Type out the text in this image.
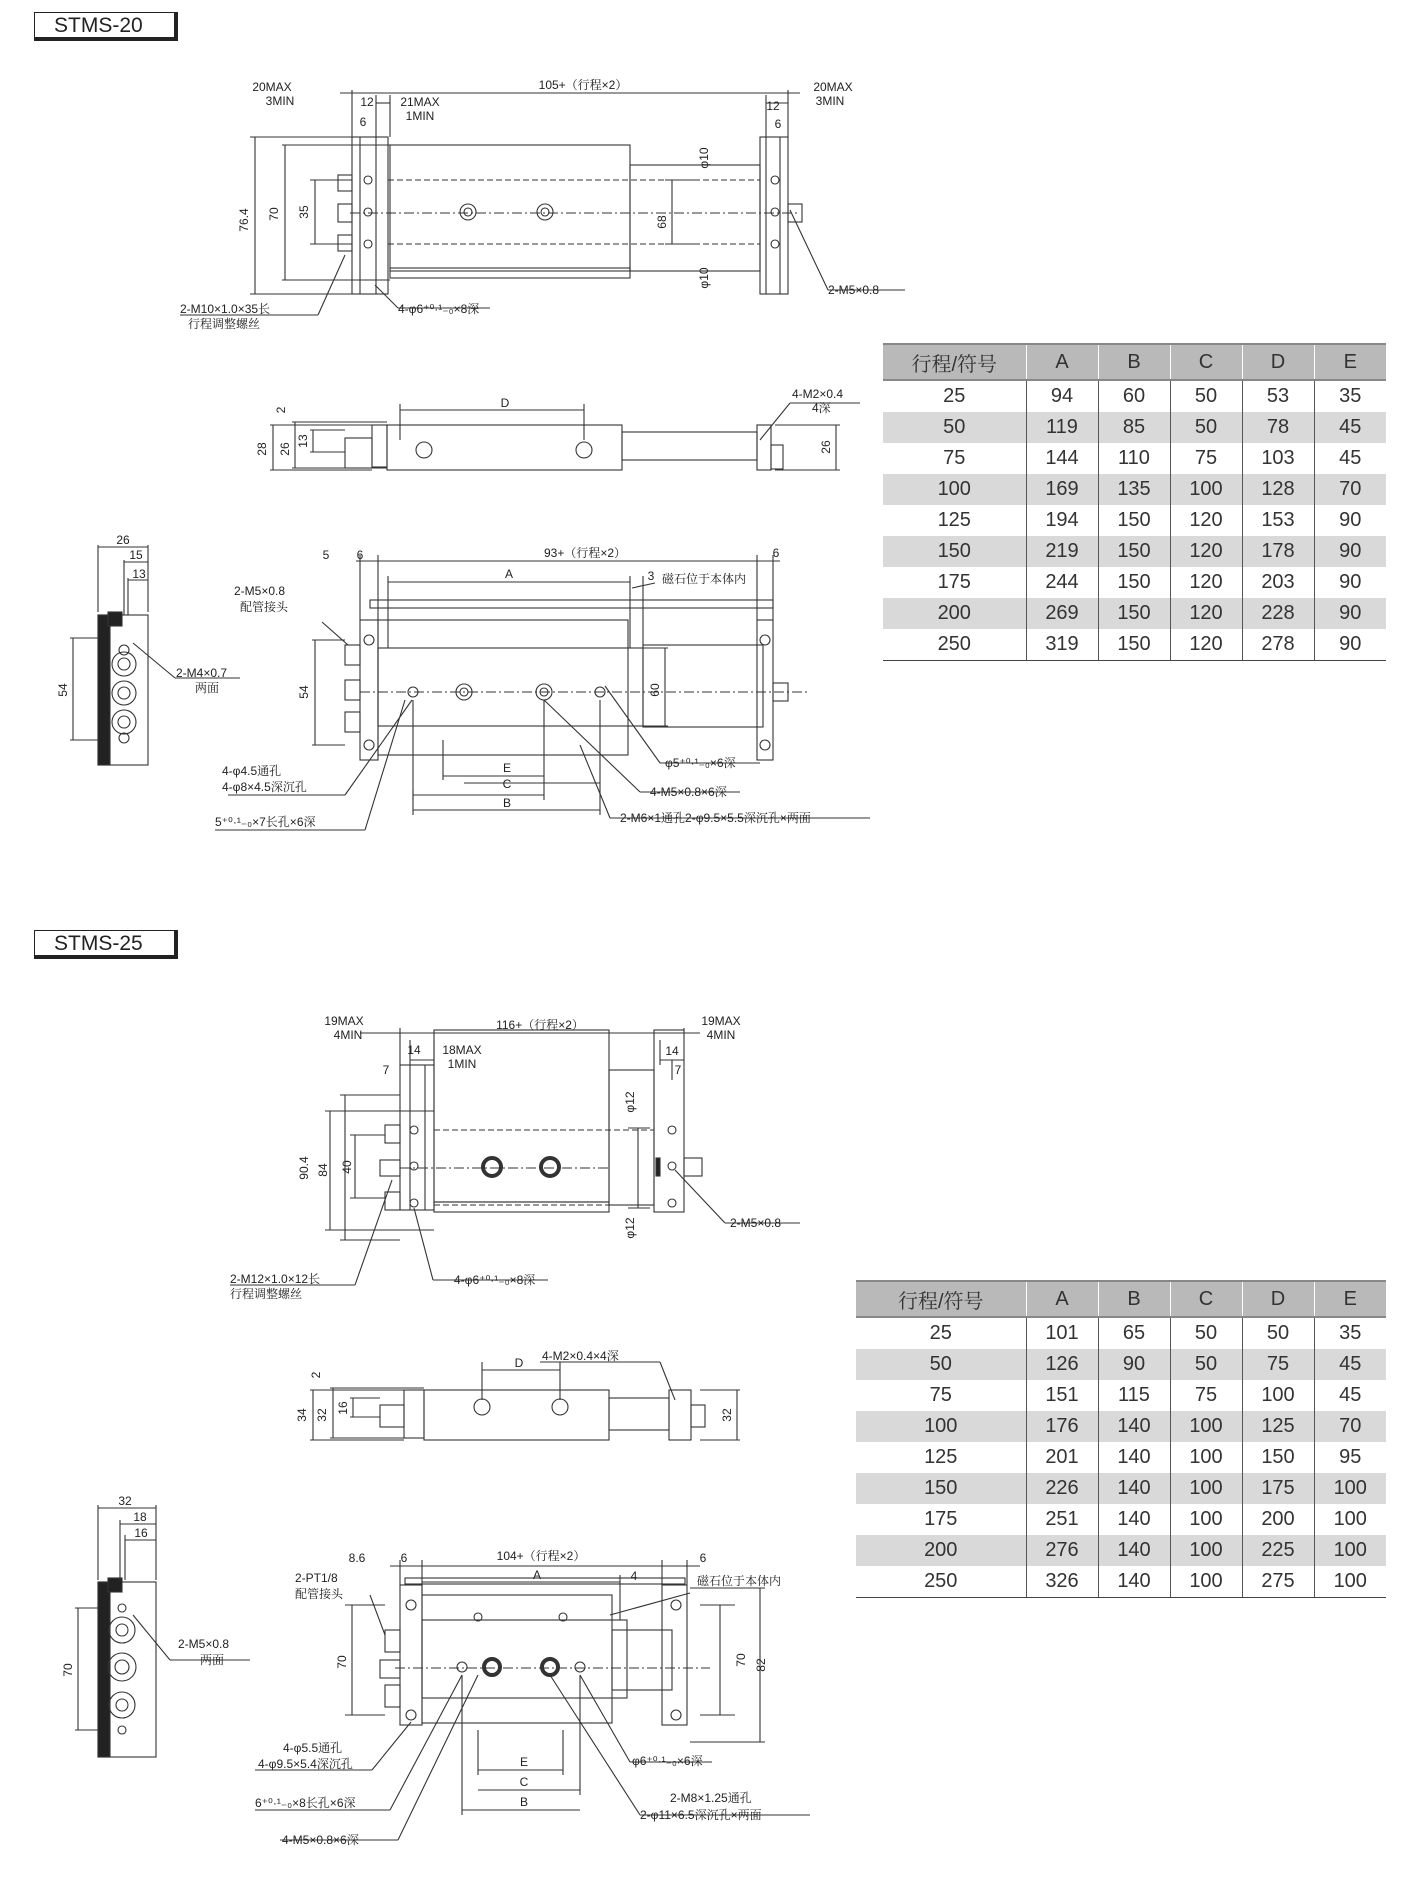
STMS-20
20MAX
3MIN	12
6
21MAX
1MIN
105+（行程×2）	20MAX
3MIN
12
6
φ10
φ10
76.4 70 35
68
2-M10×1.0×35长
行程调整螺丝
4-φ6⁺⁰·¹₋₀×8深
2-M5×0.8
D
2
28 26
13	26
4-M2×0.4
4深
26
15
13
54
2-M4×0.7
两面
5 6	93+（行程×2）	6
A	3 磁石位于本体内
2-M5×0.8
配管接头
54	60
E
C
B
φ5⁺⁰·¹₋₀×6深
4-M5×0.8×6深
2-M6×1通孔2-φ9.5×5.5深沉孔×两面
4-φ4.5通孔
4-φ8×4.5深沉孔
5⁺⁰·¹₋₀×7长孔×6深
行程/符号	A	B	C	D	E
25	94	60	50	53	35
50	119	85	50	78	45
75	144	110	75	103	45
100	169	135	100	128	70
125	194	150	120	153	90
150	219	150	120	178	90
175	244	150	120	203	90
200	269	150	120	228	90
250	319	150	120	278	90
STMS-25
19MAX
4MIN
14
7
18MAX
1MIN
116+（行程×2）	19MAX
4MIN
14
7
φ12
φ12
90.4 84 40
2-M12×1.0×12长
行程调整螺丝
4-φ6⁺⁰·¹₋₀×8深
2-M5×0.8
D
2
34 32
16
32
4-M2×0.4×4深
32
18
16
70
2-M5×0.8
两面
8.6	6	104+（行程×2）	6
A	4	磁石位于本体内
2-PT1/8
配管接头
70	70 82
E
C
B
φ6⁺⁰·¹₋₀×6深
2-M8×1.25通孔
2-φ11×6.5深沉孔×两面
4-φ5.5通孔
4-φ9.5×5.4深沉孔
6⁺⁰·¹₋₀×8长孔×6深
4-M5×0.8×6深
行程/符号	A	B	C	D	E
25	101	65	50	50	35
50	126	90	50	75	45
75	151	115	75	100	45
100	176	140	100	125	70
125	201	140	100	150	95
150	226	140	100	175	100
175	251	140	100	200	100
200	276	140	100	225	100
250	326	140	100	275	100
